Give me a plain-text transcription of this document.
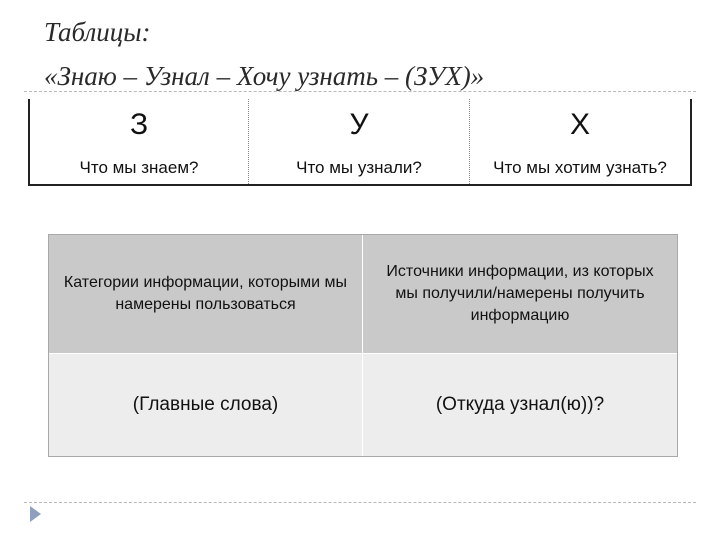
Таблицы:
«Знаю – Узнал – Хочу узнать – (ЗУХ)»
З
Что мы знаем?
У
Что мы узнали?
Х
Что мы хотим узнать?
Категории информации, которыми мы намерены пользоваться
Источники информации, из которых мы получили/намерены получить информацию
(Главные слова)	(Откуда узнал(ю))?
